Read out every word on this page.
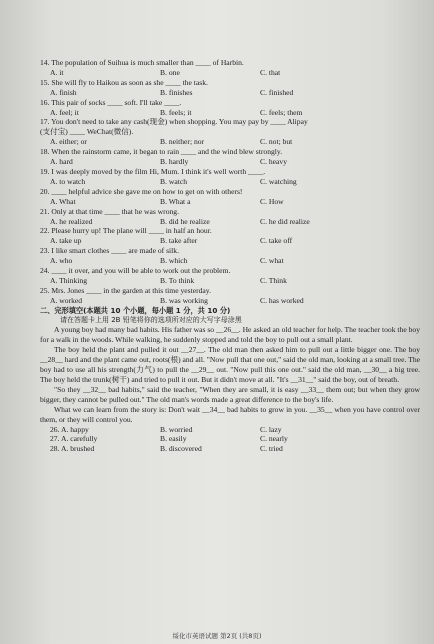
14. The population of Suihua is much smaller than ____ of Harbin.
A. it	B. one	C. that
15. She will fly to Haikou as soon as she ____ the task.
A. finish	B. finishes	C. finished
16. This pair of socks ____ soft. I'll take ____.
A. feel; it	B. feels; it	C. feels; them
17. You don't need to take any cash(现金) when shopping. You may pay by ____ Alipay
(支付宝) ____ WeChat(微信).
A. either; or	B. neither; nor	C. not; but
18. When the rainstorm came, it began to rain ____ and the wind blew strongly.
A. hard	B. hardly	C. heavy
19. I was deeply moved by the film Hi, Mum. I think it's well worth ____.
A. to watch	B. watch	C. watching
20. ____ helpful advice she gave me on how to get on with others!
A. What	B. What a	C. How
21. Only at that time ____ that he was wrong.
A. he realized	B. did he realize	C. he did realize
22. Please hurry up! The plane will ____ in half an hour.
A. take up	B. take after	C. take off
23. I like smart clothes ____ are made of silk.
A. who	B. which	C. what
24. ____ it over, and you will be able to work out the problem.
A. Thinking	B. To think	C. Think
25. Mrs. Jones ____ in the garden at this time yesterday.
A. worked	B. was working	C. has worked
二、完形填空(本题共 10 个小题，每小题 1 分，共 10 分)
请在答题卡上用 2B 铅笔将你的选项所对应的大写字母涂黑
A young boy had many bad habits. His father was so __26__. He asked an old teacher for help. The teacher took the boy for a walk in the woods. While walking, he suddenly stopped and told the boy to pull out a small plant.
The boy held the plant and pulled it out __27__. The old man then asked him to pull out a little bigger one. The boy __28__ hard and the plant came out, roots(根) and all. "Now pull that one out," said the old man, looking at a small tree. The boy had to use all his strength(力气) to pull the __29__ out. "Now pull this one out." said the old man, __30__ a big tree. The boy held the trunk(树干) and tried to pull it out. But it didn't move at all. "It's __31__" said the boy, out of breath.
"So they __32__ bad habits," said the teacher, "When they are small, it is easy __33__ them out; but when they grow bigger, they cannot be pulled out." The old man's words made a great difference to the boy's life.
What we can learn from the story is: Don't wait __34__ bad habits to grow in you. __35__ when you have control over them, or they will control you.
26. A. happy	B. worried	C. lazy
27. A. carefully	B. easily	C. nearly
28. A. brushed	B. discovered	C. tried
绥化市英语试题 第2页 (共8页)
